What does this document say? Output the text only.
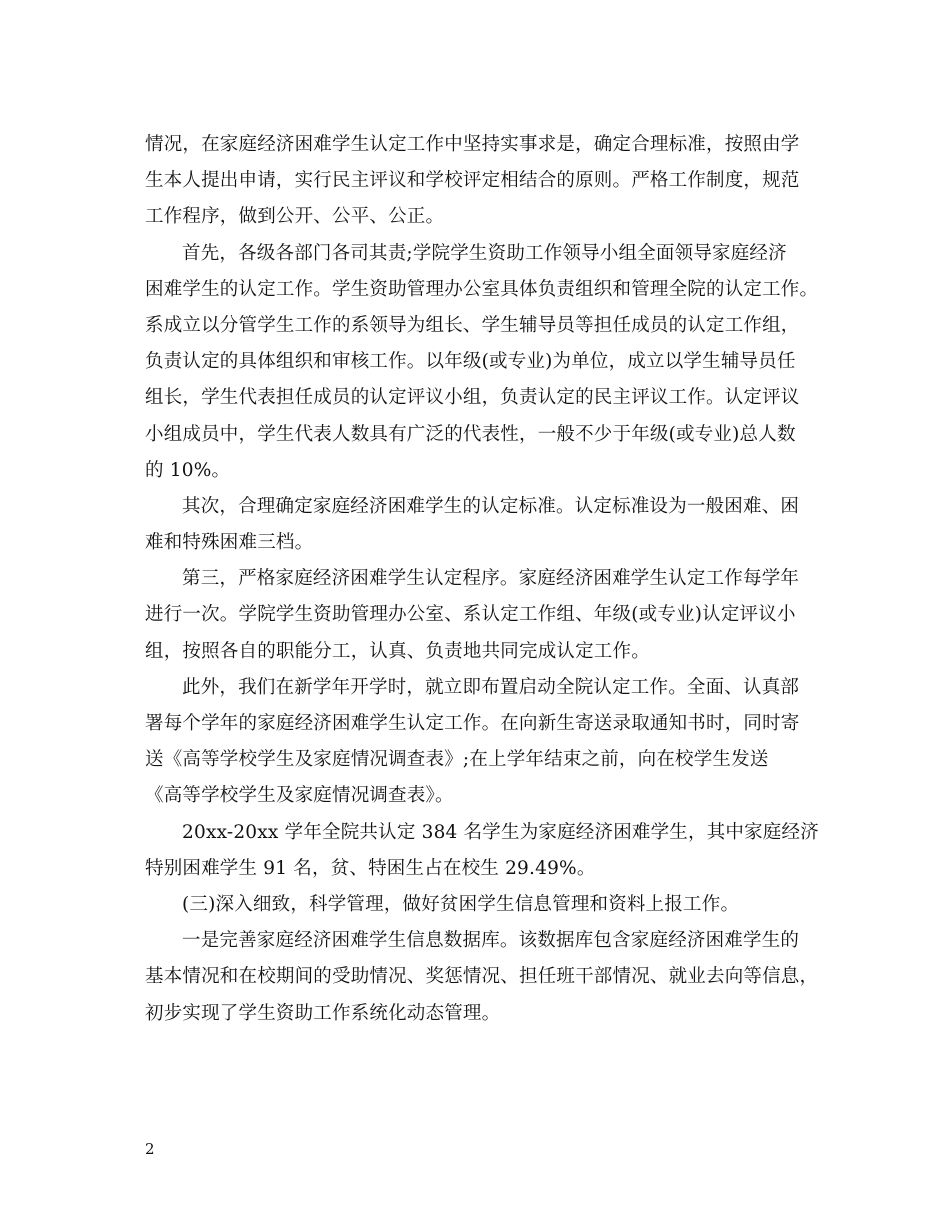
情况，在家庭经济困难学生认定工作中坚持实事求是，确定合理标准，按照由学
生本人提出申请，实行民主评议和学校评定相结合的原则。严格工作制度，规范
工作程序，做到公开、公平、公正。
首先，各级各部门各司其责;学院学生资助工作领导小组全面领导家庭经济
困难学生的认定工作。学生资助管理办公室具体负责组织和管理全院的认定工作。
系成立以分管学生工作的系领导为组长、学生辅导员等担任成员的认定工作组，
负责认定的具体组织和审核工作。以年级(或专业)为单位，成立以学生辅导员任
组长，学生代表担任成员的认定评议小组，负责认定的民主评议工作。认定评议
小组成员中，学生代表人数具有广泛的代表性，一般不少于年级(或专业)总人数
的 10%。
其次，合理确定家庭经济困难学生的认定标准。认定标准设为一般困难、困
难和特殊困难三档。
第三，严格家庭经济困难学生认定程序。家庭经济困难学生认定工作每学年
进行一次。学院学生资助管理办公室、系认定工作组、年级(或专业)认定评议小
组，按照各自的职能分工，认真、负责地共同完成认定工作。
此外，我们在新学年开学时，就立即布置启动全院认定工作。全面、认真部
署每个学年的家庭经济困难学生认定工作。在向新生寄送录取通知书时，同时寄
送《高等学校学生及家庭情况调查表》;在上学年结束之前，向在校学生发送
《高等学校学生及家庭情况调查表》。
20xx-20xx 学年全院共认定 384 名学生为家庭经济困难学生，其中家庭经济
特别困难学生 91 名，贫、特困生占在校生 29.49%。
(三)深入细致，科学管理，做好贫困学生信息管理和资料上报工作。
一是完善家庭经济困难学生信息数据库。该数据库包含家庭经济困难学生的
基本情况和在校期间的受助情况、奖惩情况、担任班干部情况、就业去向等信息，
初步实现了学生资助工作系统化动态管理。
2
